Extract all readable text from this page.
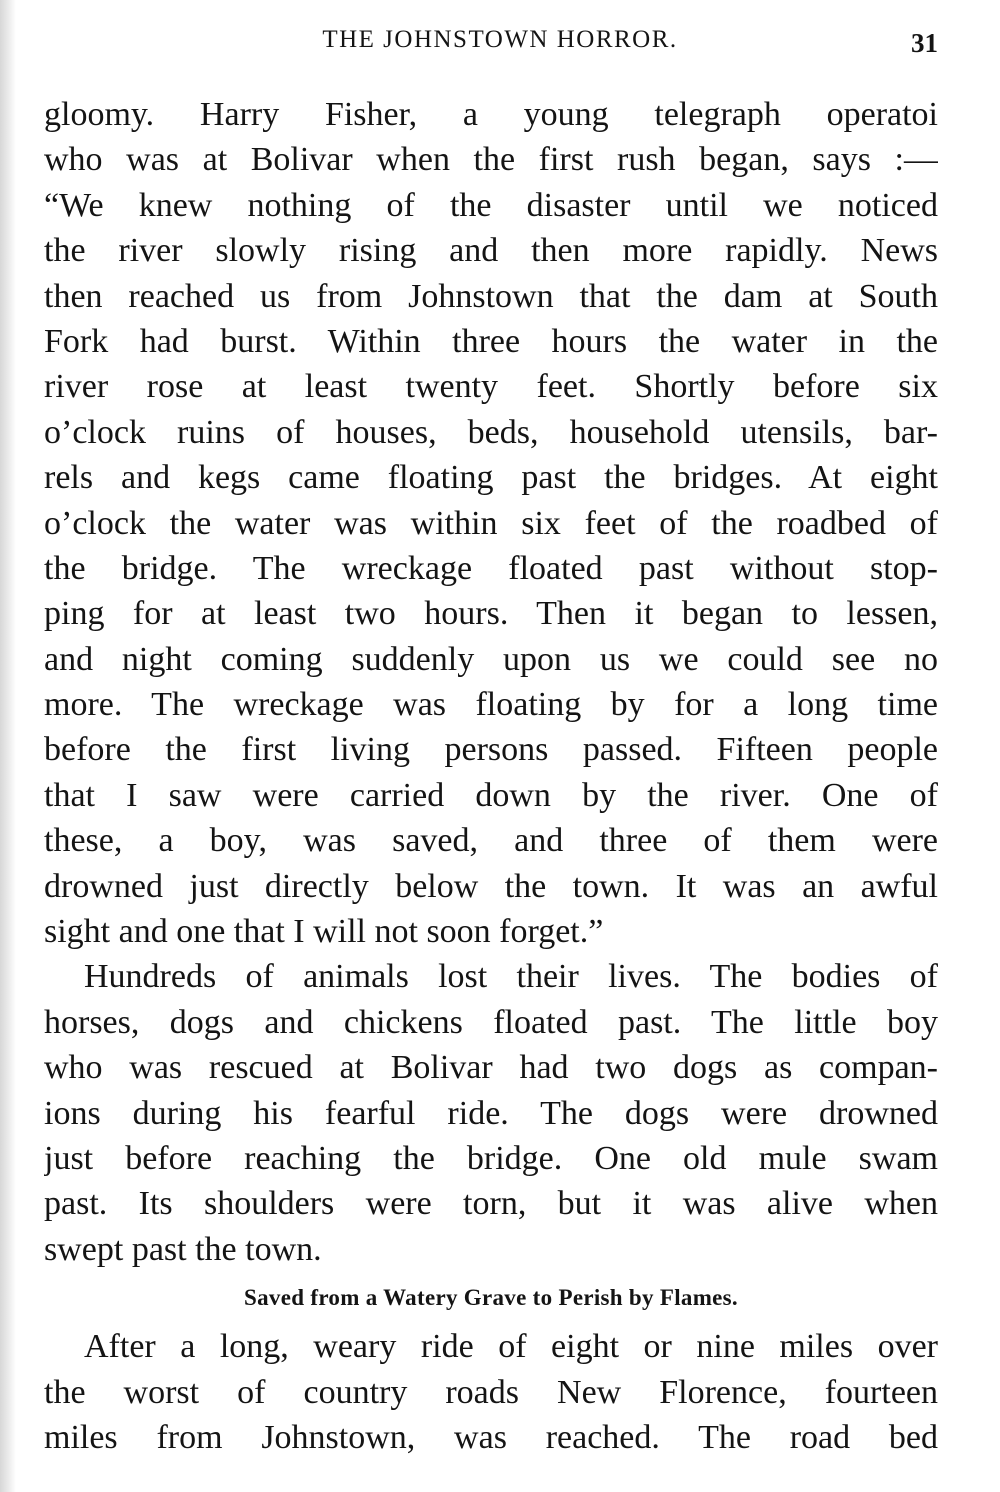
THE JOHNSTOWN HORROR.	31
gloomy. Harry Fisher, a young telegraph operatoi
who was at Bolivar when the first rush began, says :—
“We knew nothing of the disaster until we noticed
the river slowly rising and then more rapidly. News
then reached us from Johnstown that the dam at South
Fork had burst. Within three hours the water in the
river rose at least twenty feet. Shortly before six
o’clock ruins of houses, beds, household utensils, bar-
rels and kegs came floating past the bridges. At eight
o’clock the water was within six feet of the roadbed of
the bridge. The wreckage floated past without stop-
ping for at least two hours. Then it began to lessen,
and night coming suddenly upon us we could see no
more. The wreckage was floating by for a long time
before the first living persons passed. Fifteen people
that I saw were carried down by the river. One of
these, a boy, was saved, and three of them were
drowned just directly below the town. It was an awful
sight and one that I will not soon forget.”
Hundreds of animals lost their lives. The bodies of
horses, dogs and chickens floated past. The little boy
who was rescued at Bolivar had two dogs as compan-
ions during his fearful ride. The dogs were drowned
just before reaching the bridge. One old mule swam
past. Its shoulders were torn, but it was alive when
swept past the town.
Saved from a Watery Grave to Perish by Flames.
After a long, weary ride of eight or nine miles over
the worst of country roads New Florence, fourteen
miles from Johnstown, was reached. The road bed
